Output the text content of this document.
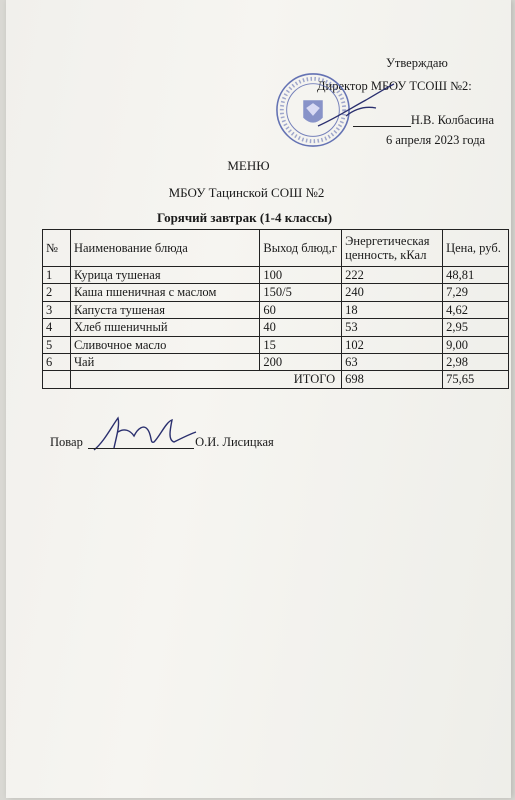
Утверждаю
Директор МБОУ ТСОШ №2:
Н.В. Колбасина
6 апреля 2023 года
МЕНЮ
МБОУ Тацинской СОШ №2
Горячий завтрак (1-4 классы)
№	Наименование блюда	Выход блюд,г	Энергетическая ценность, кКал	Цена, руб.
1	Курица тушеная	100	222	48,81
2	Каша пшеничная с маслом	150/5	240	7,29
3	Капуста тушеная	60	18	4,62
4	Хлеб пшеничный	40	53	2,95
5	Сливочное масло	15	102	9,00
6	Чай	200	63	2,98
	ИТОГО		698	75,65
Повар	О.И. Лисицкая
